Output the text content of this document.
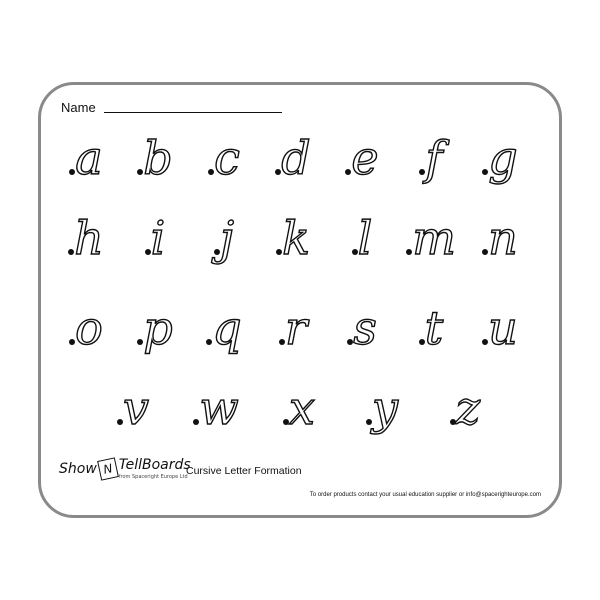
Name
a b c d e f g
h i j k l m n
o p q r s t u
v w x y z
Show N TellBoards
from Spaceright Europe Ltd
Cursive Letter Formation
To order products contact your usual education supplier or info@spacerighteurope.com
